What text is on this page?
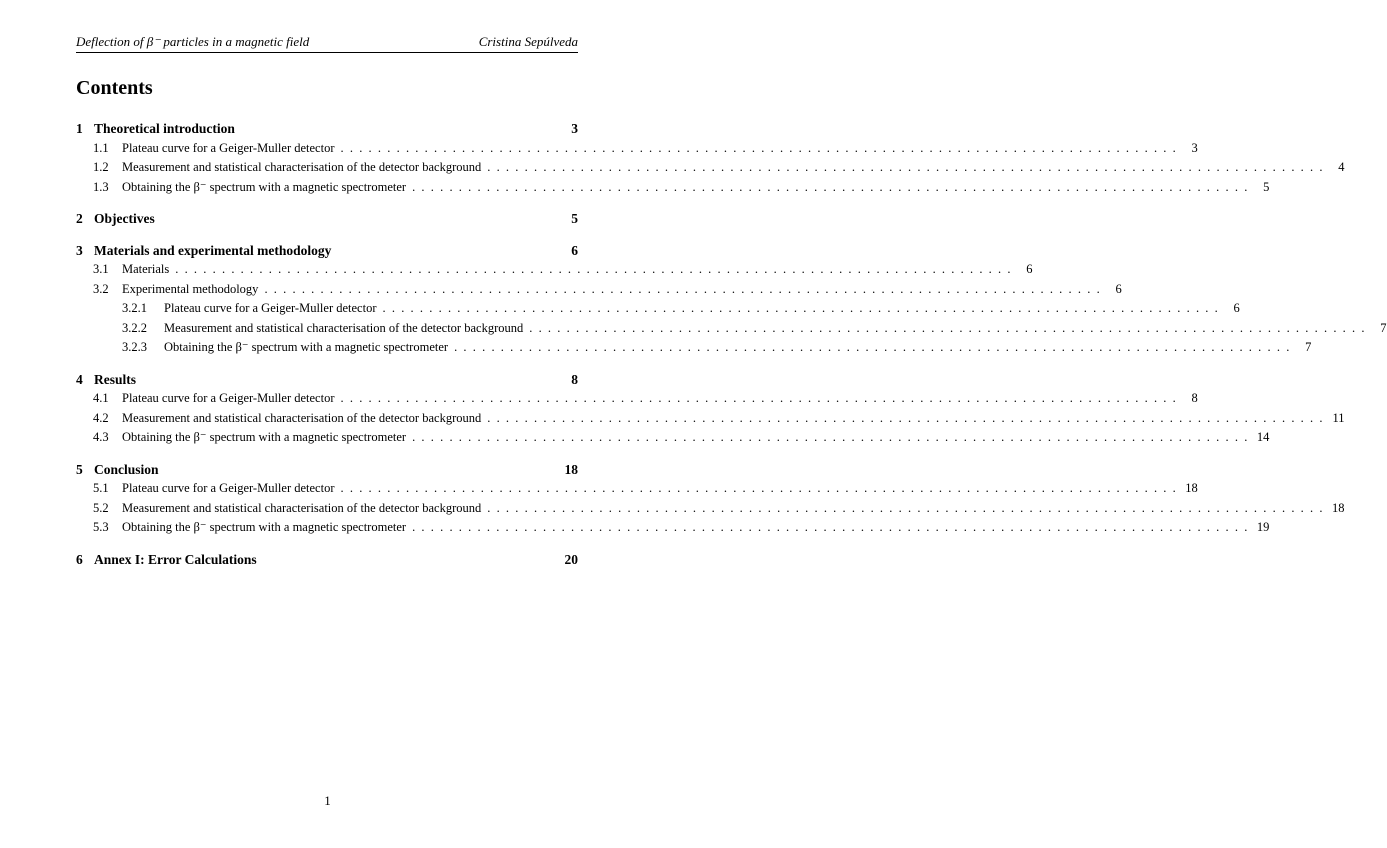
Deflection of β⁻ particles in a magnetic field	Cristina Sepúlveda
Contents
1 Theoretical introduction	3
1.1	Plateau curve for a Geiger-Muller detector . . .	3
1.2	Measurement and statistical characterisation of the detector background . . .	4
1.3	Obtaining the β⁻ spectrum with a magnetic spectrometer . . .	5
2 Objectives	5
3 Materials and experimental methodology	6
3.1	Materials . . .	6
3.2	Experimental methodology . . .	6
3.2.1	Plateau curve for a Geiger-Muller detector . . .	6
3.2.2	Measurement and statistical characterisation of the detector background . . .	7
3.2.3	Obtaining the β⁻ spectrum with a magnetic spectrometer . . .	7
4 Results	8
4.1	Plateau curve for a Geiger-Muller detector . . .	8
4.2	Measurement and statistical characterisation of the detector background . . .	11
4.3	Obtaining the β⁻ spectrum with a magnetic spectrometer . . .	14
5 Conclusion	18
5.1	Plateau curve for a Geiger-Muller detector . . .	18
5.2	Measurement and statistical characterisation of the detector background . . .	18
5.3	Obtaining the β⁻ spectrum with a magnetic spectrometer . . .	19
6 Annex I: Error Calculations	20
1
